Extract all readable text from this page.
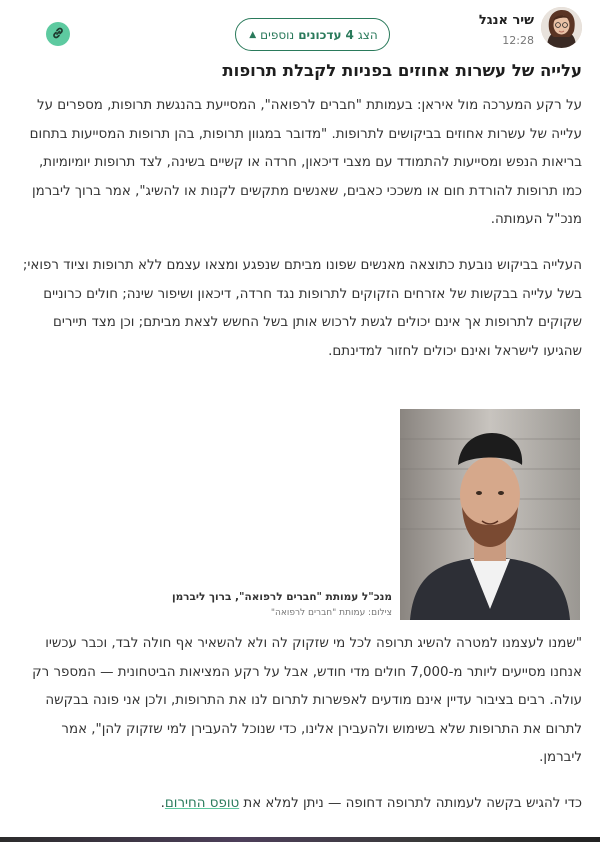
שיר אנגל
12:28
הצג
4
עדכונים
נוספים
▲
עלייה של עשרות אחוזים בפניות לקבלת תרופות

על רקע המערכה מול איראן: בעמותת "חברים לרפואה", המסייעת בהנגשת תרופות, מספרים על עלייה של עשרות אחוזים בביקושים לתרופות. "מדובר במגוון תרופות, בהן תרופות המסייעות בתחום בריאות הנפש ומסייעות להתמודד עם מצבי דיכאון, חרדה או קשיים בשינה, לצד תרופות יומיומיות, כמו תרופות להורדת חום או משככי כאבים, שאנשים מתקשים לקנות או להשיג", אמר ברוך ליברמן מנכ"ל העמותה.

העלייה בביקוש נובעת כתוצאה מאנשים שפונו מביתם שנפגע ומצאו עצמם ללא תרופות וציוד רפואי; בשל עלייה בבקשות של אזרחים הזקוקים לתרופות נגד חרדה, דיכאון ושיפור שינה; חולים כרוניים שקוקים לתרופות אך אינם יכולים לגשת לרכוש אותן בשל החשש לצאת מביתם; וכן מצד תיירים שהגיעו לישראל ואינם יכולים לחזור למדינתם.

מנכ"ל עמותת "חברים לרפואה", ברוך ליברמן
צילום: עמותת "חברים לרפואה"

"שמנו לעצמנו למטרה להשיג תרופה לכל מי שזקוק לה ולא להשאיר אף חולה לבד, וכבר עכשיו אנחנו מסייעים ליותר מ-7,000 חולים מדי חודש, אבל על רקע המציאות הביטחונית — המספר רק עולה. רבים בציבור עדיין אינם מודעים לאפשרות לתרום לנו את התרופות, ולכן אני פונה בבקשה לתרום את התרופות שלא בשימוש ולהעבירן אלינו, כדי שנוכל להעבירן למי שזקוק להן", אמר ליברמן.

כדי להגיש בקשה לעמותה לתרופה דחופה — ניתן למלא את טופס החירום.
